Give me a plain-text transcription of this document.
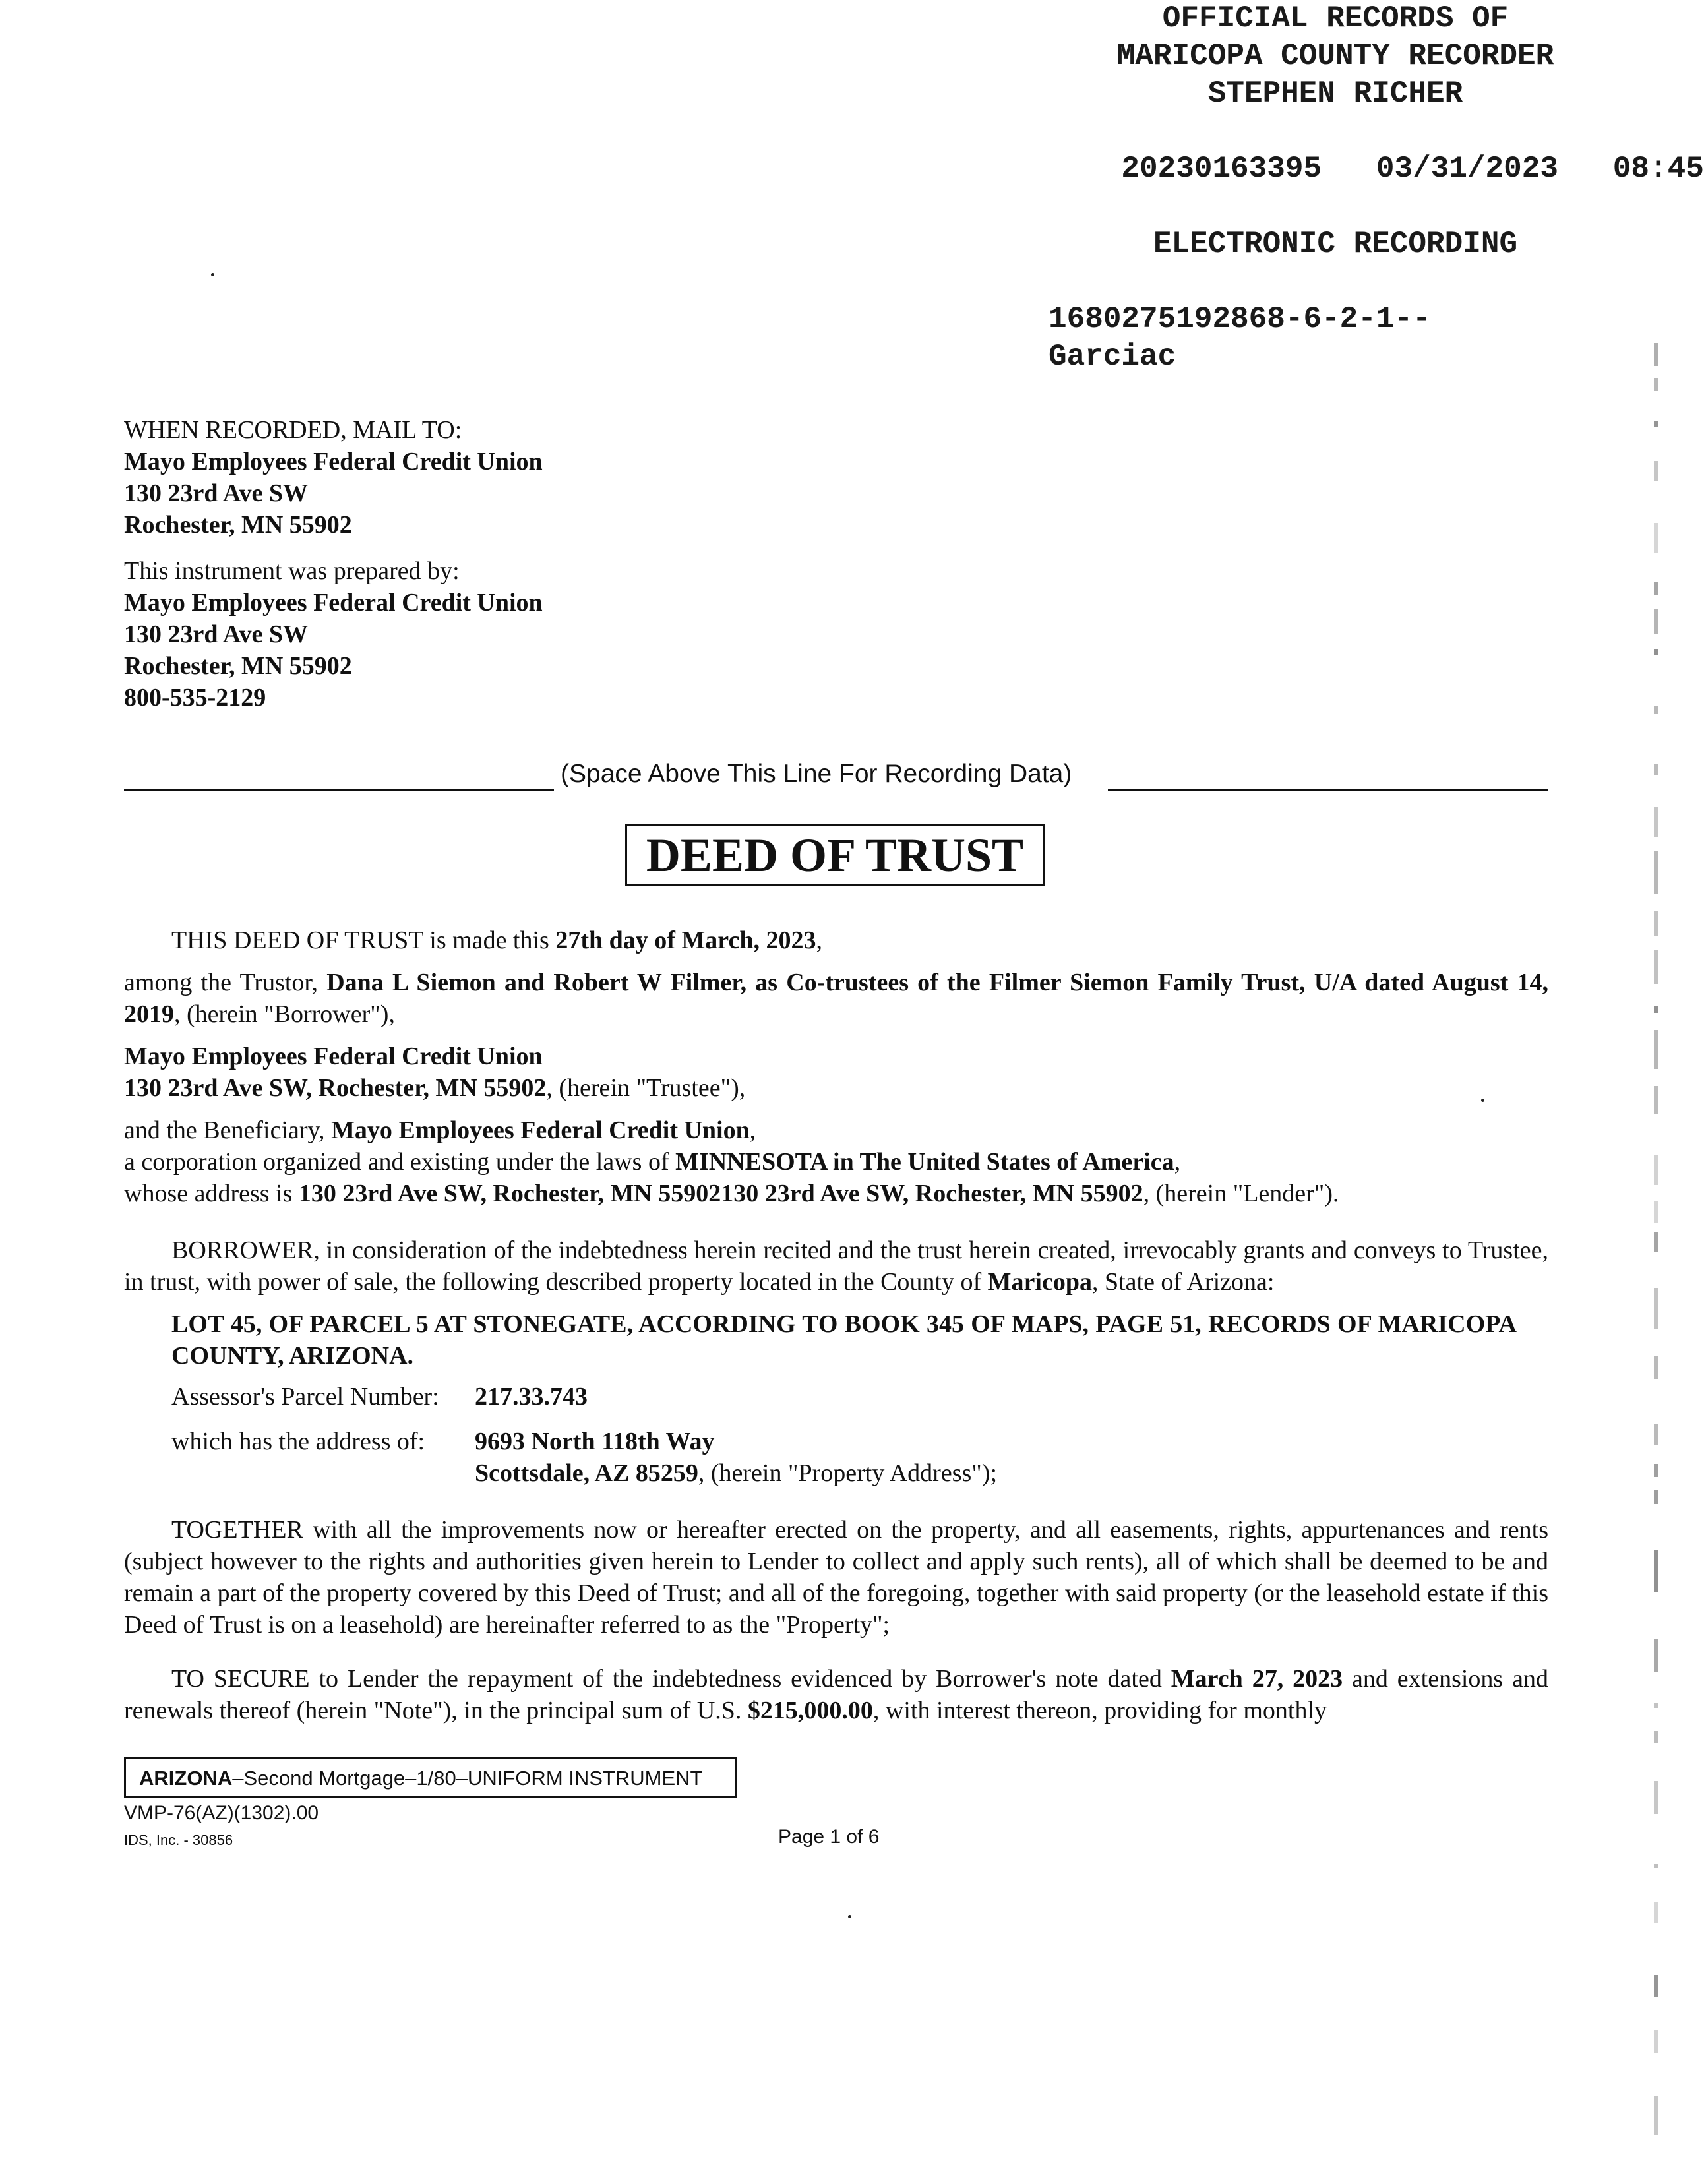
OFFICIAL RECORDS OF
MARICOPA COUNTY RECORDER
STEPHEN RICHER

20230163395 03/31/2023 08:45

ELECTRONIC RECORDING
1680275192868-6-2-1--
Garciac
WHEN RECORDED, MAIL TO:
Mayo Employees Federal Credit Union
130 23rd Ave SW
Rochester, MN 55902
This instrument was prepared by:
Mayo Employees Federal Credit Union
130 23rd Ave SW
Rochester, MN 55902
800-535-2129
(Space Above This Line For Recording Data)
DEED OF TRUST
THIS DEED OF TRUST is made this 27th day of March, 2023,
among the Trustor, Dana L Siemon and Robert W Filmer, as Co-trustees of the Filmer Siemon Family Trust, U/A dated August 14, 2019, (herein "Borrower"),
Mayo Employees Federal Credit Union
130 23rd Ave SW, Rochester, MN 55902, (herein "Trustee"),
and the Beneficiary, Mayo Employees Federal Credit Union,
a corporation organized and existing under the laws of MINNESOTA in The United States of America,
whose address is 130 23rd Ave SW, Rochester, MN 55902130 23rd Ave SW, Rochester, MN 55902, (herein "Lender").
BORROWER, in consideration of the indebtedness herein recited and the trust herein created, irrevocably grants and conveys to Trustee, in trust, with power of sale, the following described property located in the County of Maricopa, State of Arizona:
LOT 45, OF PARCEL 5 AT STONEGATE, ACCORDING TO BOOK 345 OF MAPS, PAGE 51, RECORDS OF MARICOPA COUNTY, ARIZONA.
Assessor's Parcel Number: 217.33.743
which has the address of:	9693 North 118th Way
Scottsdale, AZ 85259, (herein "Property Address");
TOGETHER with all the improvements now or hereafter erected on the property, and all easements, rights, appurtenances and rents (subject however to the rights and authorities given herein to Lender to collect and apply such rents), all of which shall be deemed to be and remain a part of the property covered by this Deed of Trust; and all of the foregoing, together with said property (or the leasehold estate if this Deed of Trust is on a leasehold) are hereinafter referred to as the "Property";
TO SECURE to Lender the repayment of the indebtedness evidenced by Borrower's note dated March 27, 2023 and extensions and renewals thereof (herein "Note"), in the principal sum of U.S. $215,000.00, with interest thereon, providing for monthly
ARIZONA–Second Mortgage–1/80–UNIFORM INSTRUMENT
VMP-76(AZ)(1302).00
IDS, Inc. - 30856	Page 1 of 6
